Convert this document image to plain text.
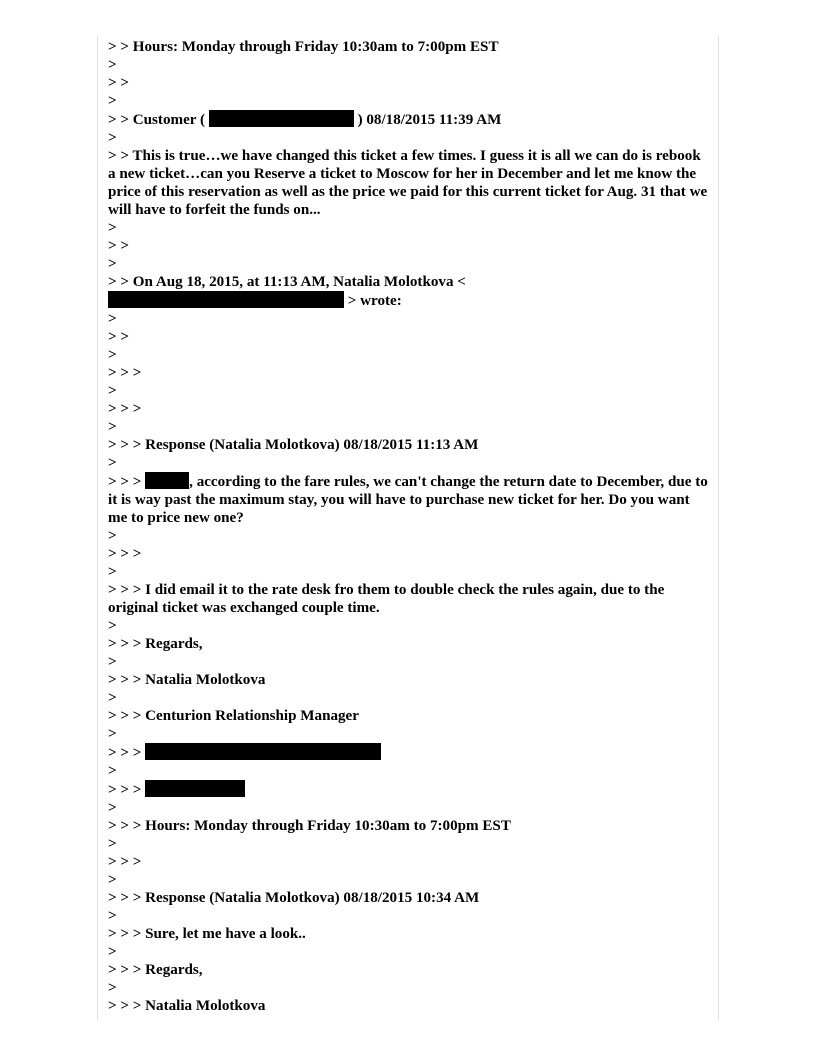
> > Hours: Monday through Friday 10:30am to 7:00pm EST
>
> >
>
> > Customer (	) 08/18/2015 11:39 AM
>
> > This is true…we have changed this ticket a few times. I guess it is all we can do is rebook a new ticket…can you Reserve a ticket to Moscow for her in December and let me know the price of this reservation as well as the price we paid for this current ticket for Aug. 31 that we will have to forfeit the funds on...
>
> >
>
> > On Aug 18, 2015, at 11:13 AM, Natalia Molotkova <
> wrote:
>
> >
>
> > >
>
> > >
>
> > > Response (Natalia Molotkova) 08/18/2015 11:13 AM
>
> > >	, according to the fare rules, we can't change the return date to December, due to it is way past the maximum stay, you will have to purchase new ticket for her. Do you want me to price new one?
>
> > >
>
> > > I did email it to the rate desk fro them to double check the rules again, due to the original ticket was exchanged couple time.
>
> > > Regards,
>
> > > Natalia Molotkova
>
> > > Centurion Relationship Manager
>
> > >
>
> > >
>
> > > Hours: Monday through Friday 10:30am to 7:00pm EST
>
> > >
>
> > > Response (Natalia Molotkova) 08/18/2015 10:34 AM
>
> > > Sure, let me have a look..
>
> > > Regards,
>
> > > Natalia Molotkova
